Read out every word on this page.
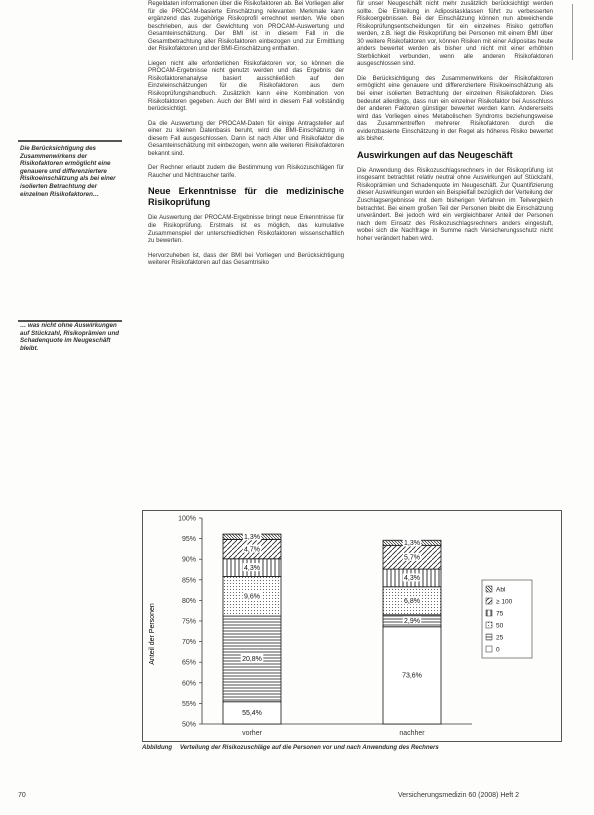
Die Berücksichtigung des Zusammenwirkens der Risikofaktoren ermöglicht eine genauere und differenziertere Risikoeinschätzung als bei einer isolierten Betrachtung der einzelnen Risikofaktoren…
… was nicht ohne Auswirkungen auf Stückzahl, Risikoprämien und Schadenquote im Neugeschäft bleibt.

Regeldaten informationen über die Risikofaktoren ab. Bei Vorliegen aller für die PROCAM-basierte Einschätzung relevanten Merkmale kann ergänzend das zugehörige Risikoprofil errechnet werden. Wie oben beschrieben, aus der Gewichtung von PROCAM-Auswertung und Gesamteinschätzung. Der BMI ist in diesem Fall in die Gesamtbetrachtung aller Risikofaktoren einbezogen und zur Ermittlung der Risikofaktoren und der BMI-Einschätzung enthalten.

Liegen nicht alle erforderlichen Risikofaktoren vor, so können die PROCAM-Ergebnisse nicht genutzt werden und das Ergebnis der Risikofaktorenanalyse basiert ausschließlich auf den Einzeleinschätzungen für die Risikofaktoren aus dem Risikoprüfungshandbuch. Zusätzlich kann eine Kombination von Risikofaktoren gegeben. Auch der BMI wird in diesem Fall vollständig berücksichtigt.

Da die Auswertung der PROCAM-Daten für einige Antragsteller auf einer zu kleinen Datenbasis beruht, wird die BMI-Einschätzung in diesem Fall ausgeschlossen. Dann ist nach Alter und Risikofaktor die Gesamteinschätzung mit einbezogen, wenn alle weiteren Risikofaktoren bekannt sind.

Der Rechner erlaubt zudem die Bestimmung von Risikozuschlägen für Raucher und Nichtraucher tarife.

Neue Erkenntnisse für die medizinische Risikoprüfung

Die Auswertung der PROCAM-Ergebnisse bringt neue Erkenntnisse für die Risikoprüfung. Erstmals ist es möglich, das kumulative Zusammenspiel der unterschiedlichen Risikofaktoren wissenschaftlich zu bewerten.

Hervorzuheben ist, dass der BMI bei Vorliegen und Berücksichtigung weiterer Risikofaktoren auf das Gesamtrisiko

für unser Neugeschäft nicht mehr zusätzlich berücksichtigt werden sollte. Die Einteilung in Adipositasklassen führt zu verbesserten Risikoergebnissen. Bei der Einschätzung können nun abweichende Risikoprüfungsentscheidungen für ein einzelnes Risiko getroffen werden, z.B. liegt die Risikoprüfung bei Personen mit einem BMI über 30 weitere Risikofaktoren vor, können Risiken mit einer Adipositas heute anders bewertet werden als bisher und nicht mit einer erhöhten Sterblichkeit verbunden, wenn alle anderen Risikofaktoren ausgeschlossen sind.

Die Berücksichtigung des Zusammenwirkens der Risikofaktoren ermöglicht eine genauere und differenziertere Risikoeinschätzung als bei einer isolierten Betrachtung der einzelnen Risikofaktoren. Dies bedeutet allerdings, dass nun ein einzelner Risikofaktor bei Ausschluss der anderen Faktoren günstiger bewertet werden kann. Andererseits wird das Vorliegen eines Metabolischen Syndroms beziehungsweise das Zusammentreffen mehrerer Risikofaktoren durch die evidenzbasierte Einschätzung in der Regel als höheres Risiko bewertet als bisher.

Auswirkungen auf das Neugeschäft

Die Anwendung des Risikozuschlagsrechners in der Risikoprüfung ist insgesamt betrachtet relativ neutral ohne Auswirkungen auf Stückzahl, Risikoprämien und Schadenquote im Neugeschäft. Zur Quantifizierung dieser Auswirkungen wurden ein Beispielfall bezüglich der Verteilung der Zuschlagsergebnisse mit dem bisherigen Verfahren im Teilvergleich betrachtet. Bei einem großen Teil der Personen bleibt die Einschätzung unverändert. Bei jedoch wird ein vergleichbarer Anteil der Personen nach dem Einsatz des Risikozuschlagsrechners anders eingestuft, wobei sich die Nachfrage in Summe nach Versicherungsschutz nicht hoher verändert haben wird.

Anteil der Personen
50%
55%
60%
65%
70%
75%
80%
85%
90%
95%
100%
55,4%
20,8%
9,6%
4,3%
4,7%
1,3%
73,6%
2,9%
6,8%
4,3%
5,7%
1,3%
vorher	nachher
Abl
≥ 100
75
50
25
0
Abbildung Verteilung der Risikozuschläge auf die Personen vor und nach Anwendung des Rechners
70	Versicherungsmedizin 60 (2008) Heft 2
